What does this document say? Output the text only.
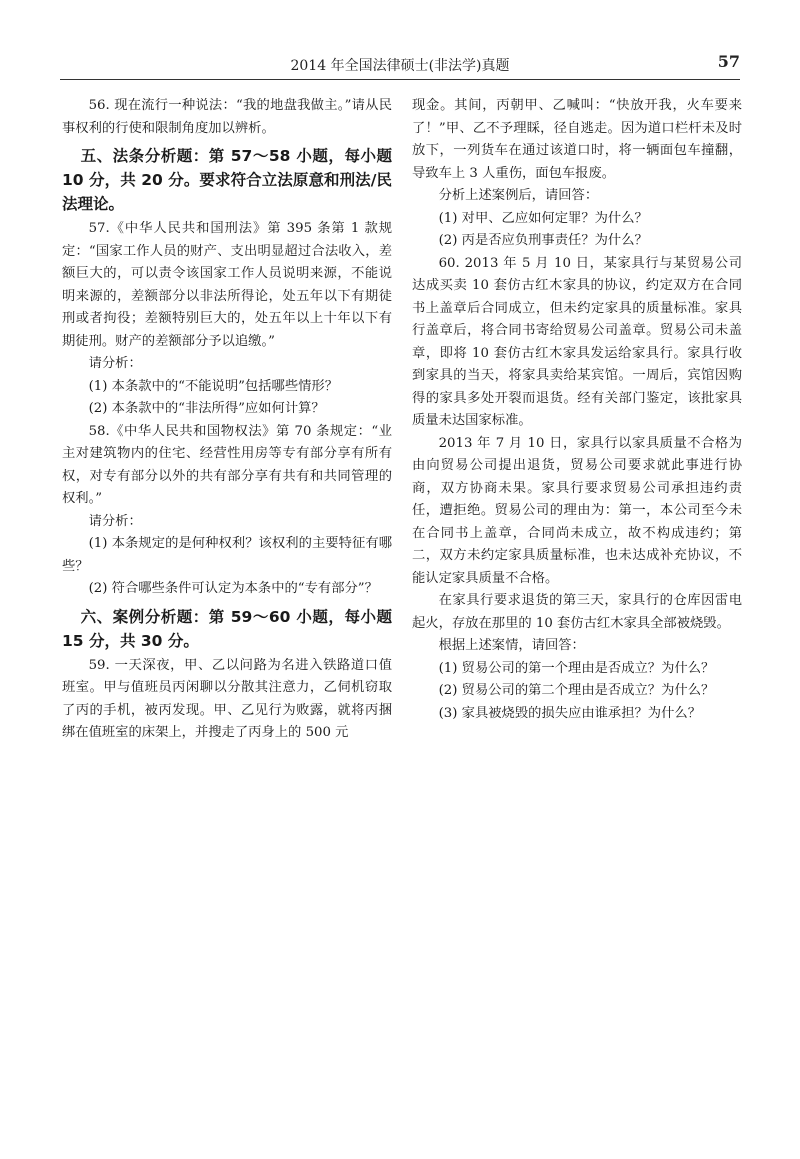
2014 年全国法律硕士(非法学)真题	57

56. 现在流行一种说法：“我的地盘我做主。”请从民事权利的行使和限制角度加以辨析。

五、法条分析题：第 57～58 小题，每小题 10 分，共 20 分。要求符合立法原意和刑法/民法理论。

57.《中华人民共和国刑法》第 395 条第 1 款规定：“国家工作人员的财产、支出明显超过合法收入，差额巨大的，可以责令该国家工作人员说明来源，不能说明来源的，差额部分以非法所得论，处五年以下有期徒刑或者拘役；差额特别巨大的，处五年以上十年以下有期徒刑。财产的差额部分予以追缴。”

请分析：

(1) 本条款中的“不能说明”包括哪些情形？

(2) 本条款中的“非法所得”应如何计算？

58.《中华人民共和国物权法》第 70 条规定：“业主对建筑物内的住宅、经营性用房等专有部分享有所有权，对专有部分以外的共有部分享有共有和共同管理的权利。”

请分析：

(1) 本条规定的是何种权利？该权利的主要特征有哪些？

(2) 符合哪些条件可认定为本条中的“专有部分”？

六、案例分析题：第 59～60 小题，每小题 15 分，共 30 分。

59. 一天深夜，甲、乙以问路为名进入铁路道口值班室。甲与值班员丙闲聊以分散其注意力，乙伺机窃取了丙的手机，被丙发现。甲、乙见行为败露，就将丙捆绑在值班室的床架上，并搜走了丙身上的 500 元

现金。其间，丙朝甲、乙喊叫：“快放开我，火车要来了！”甲、乙不予理睬，径自逃走。因为道口栏杆未及时放下，一列货车在通过该道口时，将一辆面包车撞翻，导致车上 3 人重伤，面包车报废。

分析上述案例后，请回答：

(1) 对甲、乙应如何定罪？为什么？

(2) 丙是否应负刑事责任？为什么？

60. 2013 年 5 月 10 日，某家具行与某贸易公司达成买卖 10 套仿古红木家具的协议，约定双方在合同书上盖章后合同成立，但未约定家具的质量标准。家具行盖章后，将合同书寄给贸易公司盖章。贸易公司未盖章，即将 10 套仿古红木家具发运给家具行。家具行收到家具的当天，将家具卖给某宾馆。一周后，宾馆因购得的家具多处开裂而退货。经有关部门鉴定，该批家具质量未达国家标准。

2013 年 7 月 10 日，家具行以家具质量不合格为由向贸易公司提出退货，贸易公司要求就此事进行协商，双方协商未果。家具行要求贸易公司承担违约责任，遭拒绝。贸易公司的理由为：第一，本公司至今未在合同书上盖章，合同尚未成立，故不构成违约；第二，双方未约定家具质量标准，也未达成补充协议，不能认定家具质量不合格。

在家具行要求退货的第三天，家具行的仓库因雷电起火，存放在那里的 10 套仿古红木家具全部被烧毁。

根据上述案情，请回答：

(1) 贸易公司的第一个理由是否成立？为什么？

(2) 贸易公司的第二个理由是否成立？为什么？

(3) 家具被烧毁的损失应由谁承担？为什么？
